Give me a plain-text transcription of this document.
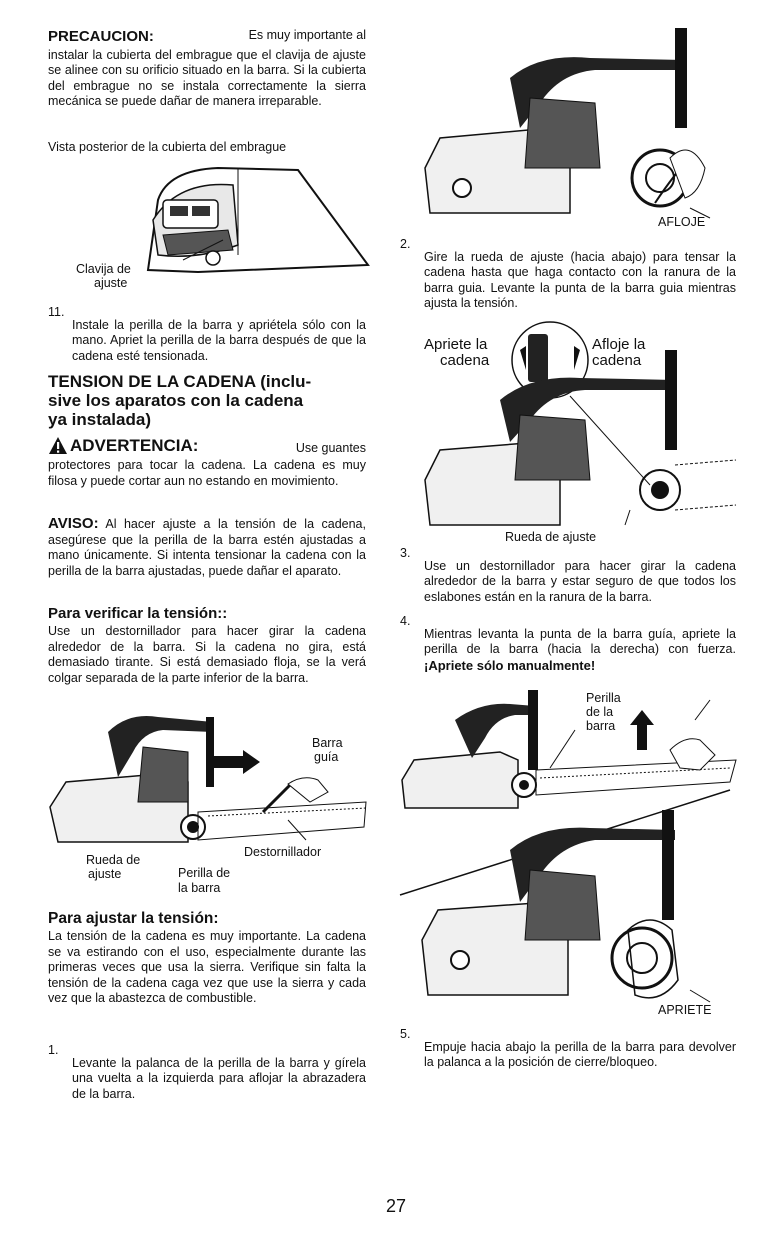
PRECAUCION:	Es muy importante al

instalar la cubierta del embrague que el clavija de ajuste se alinee con su orificio situado en la barra. Si la cubierta del embrague no se instala correctamente la sierra mecánica se puede dañar de manera irreparable.

Vista posterior de la cubierta del embrague

Clavija de
ajuste
11.

Instale la perilla de la barra y apriételа sólo con la mano. Apriet la perilla de la barra después de que la cadena esté tensionada.

TENSION DE LA CADENA (inclu-
sive los aparatos con la cadena
ya instalada)
ADVERTENCIA:	Use guantes

protectores para tocar la cadena. La cadena es muy filosa y puede cortar aun no estando en movimiento.

AVISO: Al hacer ajuste a la tensión de la cadena, asegúrese que la perilla de la barra estén ajustadas a mano únicamente. Si intenta tensionar la cadena con la perilla de la barra ajustadas, puede dañar el aparato.

Para verificar la tensión::

Use un destornillador para hacer girar la cadena alrededor de la barra. Si la cadena no gira, está demasiado tirante. Si está demasiado floja, se la verá colgar separada de la parte inferior de la barra.

Barra
guía
Rueda de
ajuste	Perilla de
la barra
Destornillador
Para ajustar la tensión:

La tensión de la cadena es muy importante. La cadena se va estirando con el uso, especialmente durante las primeras veces que usa la sierra. Verifique sin falta la tensión de la cadena caga vez que use la sierra y cada vez que la abastezca de combustible.

1.

Levante la palanca de la perilla de la barra y gírela una vuelta a la izquierda para aflojar la abrazadera de la barra.

AFLOJE
2.

Gire la rueda de ajuste (hacia abajo) para tensar la cadena hasta que haga contacto con la ranura de la barra guia. Levante la punta de la barra guia mientras ajusta la tensión.

Apriete la
cadena
Afloje la
cadena
Rueda de ajuste
3.

Use un destornillador para hacer girar la cadena alrededor de la barra y estar seguro de que todos los eslabones están en la ranura de la barra.

4.

Mientras levanta la punta de la barra guía, apriete la perilla de la barra (hacia la derecha) con fuerza. ¡Apriete sólo manualmente!

Perilla
de la
barra
APRIETE
5.

Empuje hacia abajo la perilla de la barra para devolver la palanca a la posición de cierre/bloqueo.

27
